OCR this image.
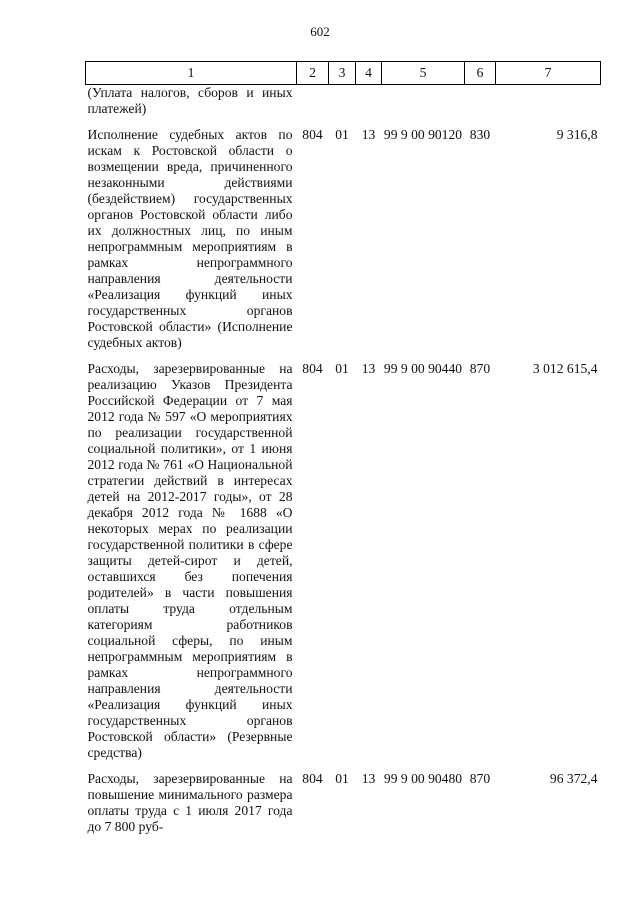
602
1	2	3	4	5	6	7
(Уплата налогов, сборов и иных платежей)						
Исполнение судебных актов по искам к Ростовской области о возмещении вреда, причиненного незаконными действиями (бездействием) государственных органов Ростовской области либо их должностных лиц, по иным непрограммным мероприятиям в рамках непрограммного направления деятельности «Реализация функций иных государственных органов Ростовской области» (Исполнение судебных актов)	804	01	13	99 9 00 90120	830	9 316,8
Расходы, зарезервированные на реализацию Указов Президента Российской Федерации от 7 мая 2012 года № 597 «О мероприятиях по реализации государственной социальной политики», от 1 июня 2012 года № 761 «О Национальной стратегии действий в интересах детей на 2012-2017 годы», от 28 декабря 2012 года № 1688 «О некоторых мерах по реализации государственной политики в сфере защиты детей-сирот и детей, оставшихся без попечения родителей» в части повышения оплаты труда отдельным категориям работников социальной сферы, по иным непрограммным мероприятиям в рамках непрограммного направления деятельности «Реализация функций иных государственных органов Ростовской области» (Резервные средства)	804	01	13	99 9 00 90440	870	3 012 615,4
Расходы, зарезервированные на повышение минимального размера оплаты труда с 1 июля 2017 года до 7 800 руб-	804	01	13	99 9 00 90480	870	96 372,4
